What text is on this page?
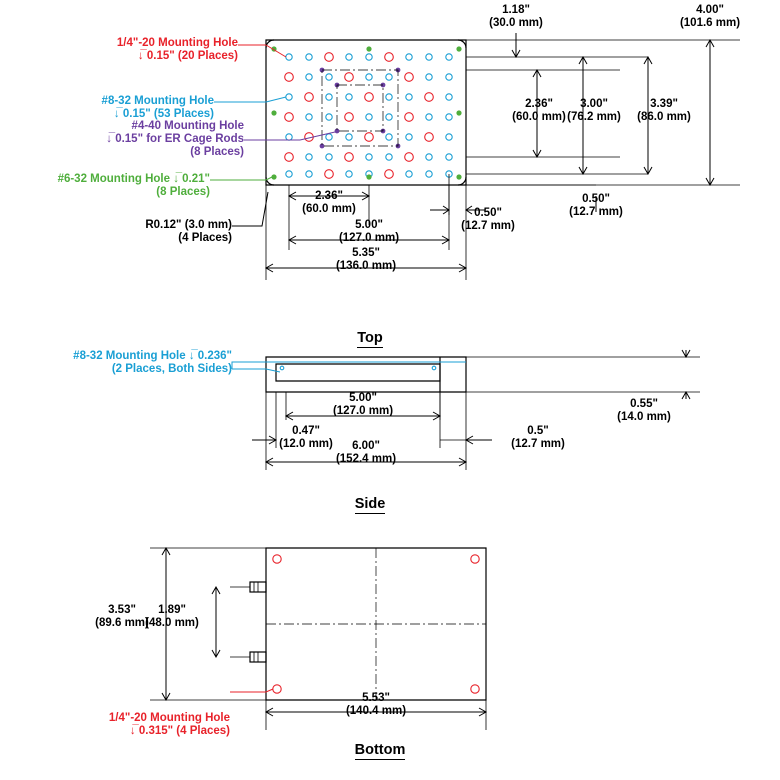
1/4"-20 Mounting Hole
↓̅ 0.15" (20 Places)
#8-32 Mounting Hole
↓̅ 0.15" (53 Places)
#4-40 Mounting Hole
↓̅ 0.15" for ER Cage Rods
(8 Places)
#6-32 Mounting Hole ↓̅ 0.21"
(8 Places)
R0.12" (3.0 mm)
(4 Places)
1.18"
(30.0 mm)
4.00"
(101.6 mm)
2.36"
(60.0 mm)
3.00"
(76.2 mm)
3.39"
(86.0 mm)
2.36"
(60.0 mm)	0.50"
(12.7 mm)
0.50"
(12.7 mm)
5.00"
(127.0 mm)
5.35"
(136.0 mm)
Top
#8-32 Mounting Hole ↓̅ 0.236"
(2 Places, Both Sides)
5.00"
(127.0 mm)
0.55"
(14.0 mm)
0.47"
(12.0 mm)
0.5"
(12.7 mm)
6.00"
(152.4 mm)
Side
3.53"
(89.6 mm)
1.89"
(48.0 mm)
5.53"
(140.4 mm)
1/4"-20 Mounting Hole
↓̅ 0.315" (4 Places)
Bottom
